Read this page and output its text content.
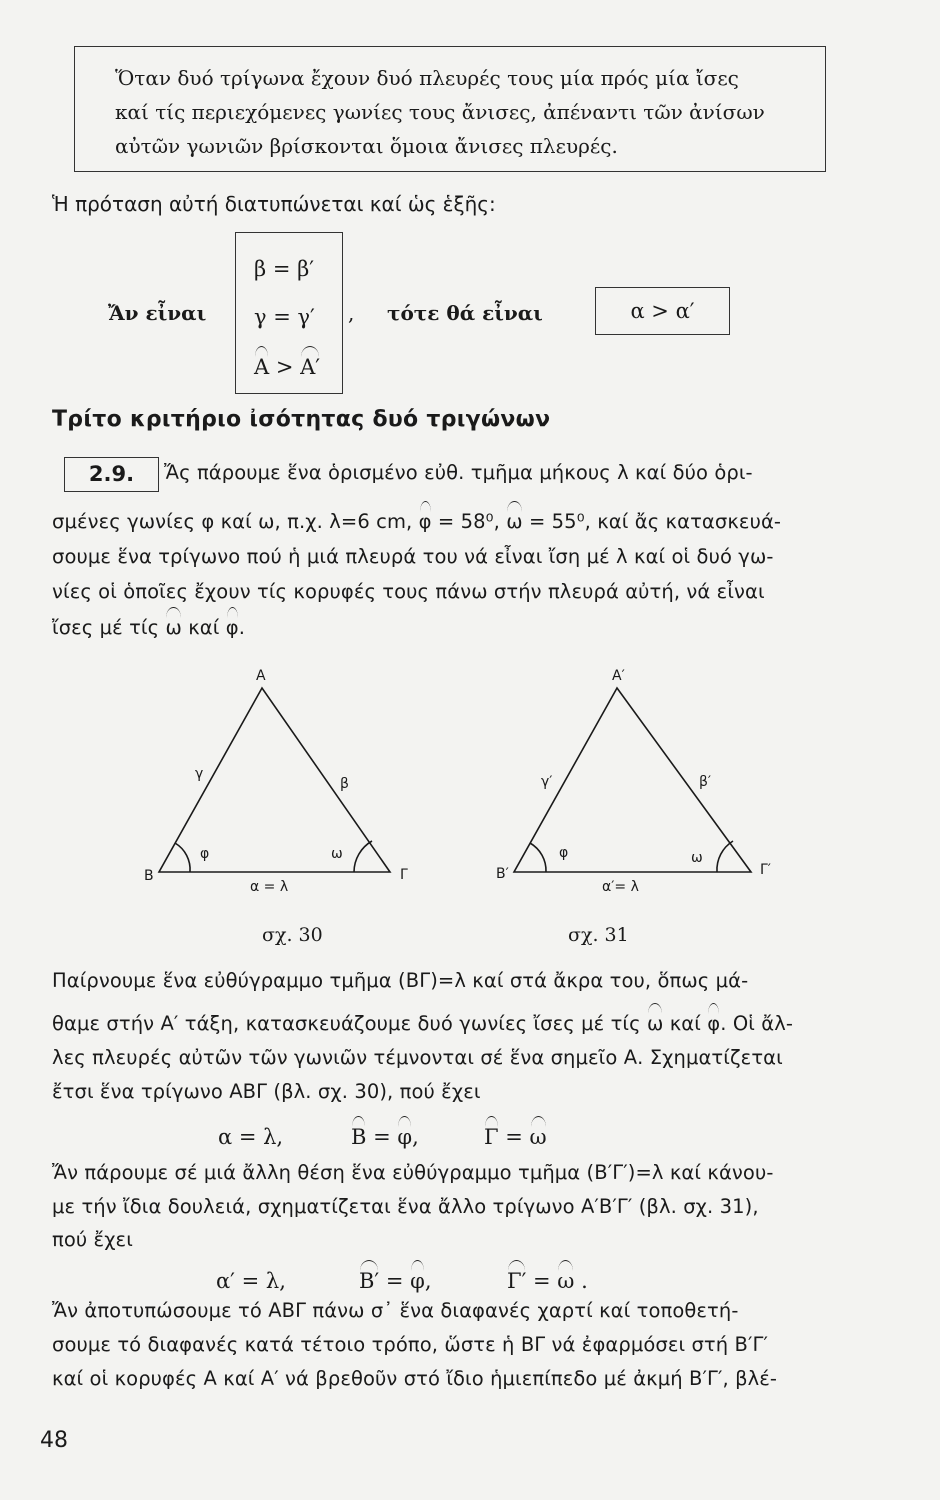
Ὅταν δυό τρίγωνα ἔχουν δυό πλευρές τους μία πρός μία ἴσες
καί τίς περιεχόμενες γωνίες τους ἄνισες, ἀπέναντι τῶν ἀνίσων
αὐτῶν γωνιῶν βρίσκονται ὅμοια ἄνισες πλευρές.
Ἡ πρόταση αὐτή διατυπώνεται καί ὡς ἑξῆς:
Ἄν εἶναι
β = β′
γ = γ′
A > A′
, τότε θά εἶναι	α > α′
Τρίτο κριτήριο ἰσότητας δυό τριγώνων
2.9.	Ἄς πάρουμε ἕνα ὁρισμένο εὐθ. τμῆμα μήκους λ καί δύο ὁρι-
σμένες γωνίες φ καί ω, π.χ. λ=6 cm, φ = 58⁰, ω = 55⁰, καί ἄς κατασκευά-
σουμε ἕνα τρίγωνο πού ἡ μιά πλευρά του νά εἶναι ἴση μέ λ καί οἱ δυό γω-
νίες οἱ ὁποῖες ἔχουν τίς κορυφές τους πάνω στήν πλευρά αὐτή, νά εἶναι
ἴσες μέ τίς ω καί φ.
A
B	Γ
γ
β
φ	ω
α = λ
σχ. 30
A′
B′	Γ′
γ′	β′
φ	ω
α′= λ
σχ. 31
Παίρνουμε ἕνα εὐθύγραμμο τμῆμα (ΒΓ)=λ καί στά ἄκρα του, ὅπως μά-
θαμε στήν Α′ τάξη, κατασκευάζουμε δυό γωνίες ἴσες μέ τίς ω καί φ. Οἱ ἄλ-
λες πλευρές αὐτῶν τῶν γωνιῶν τέμνονται σέ ἕνα σημεῖο Α. Σχηματίζεται
ἔτσι ἕνα τρίγωνο ΑΒΓ (βλ. σχ. 30), πού ἔχει
α = λ,	B = φ,	Γ = ω
Ἄν πάρουμε σέ μιά ἄλλη θέση ἕνα εὐθύγραμμο τμῆμα (Β′Γ′)=λ καί κάνου-
με τήν ἴδια δουλειά, σχηματίζεται ἕνα ἄλλο τρίγωνο Α′Β′Γ′ (βλ. σχ. 31),
πού ἔχει
α′ = λ,	B′ = φ,	Γ′ = ω .
Ἄν ἀποτυπώσουμε τό ΑΒΓ πάνω σ᾽ ἕνα διαφανές χαρτί καί τοποθετή-
σουμε τό διαφανές κατά τέτοιο τρόπο, ὥστε ἡ ΒΓ νά ἐφαρμόσει στή Β′Γ′
καί οἱ κορυφές Α καί Α′ νά βρεθοῦν στό ἴδιο ἡμιεπίπεδο μέ ἀκμή Β′Γ′, βλέ-
48
